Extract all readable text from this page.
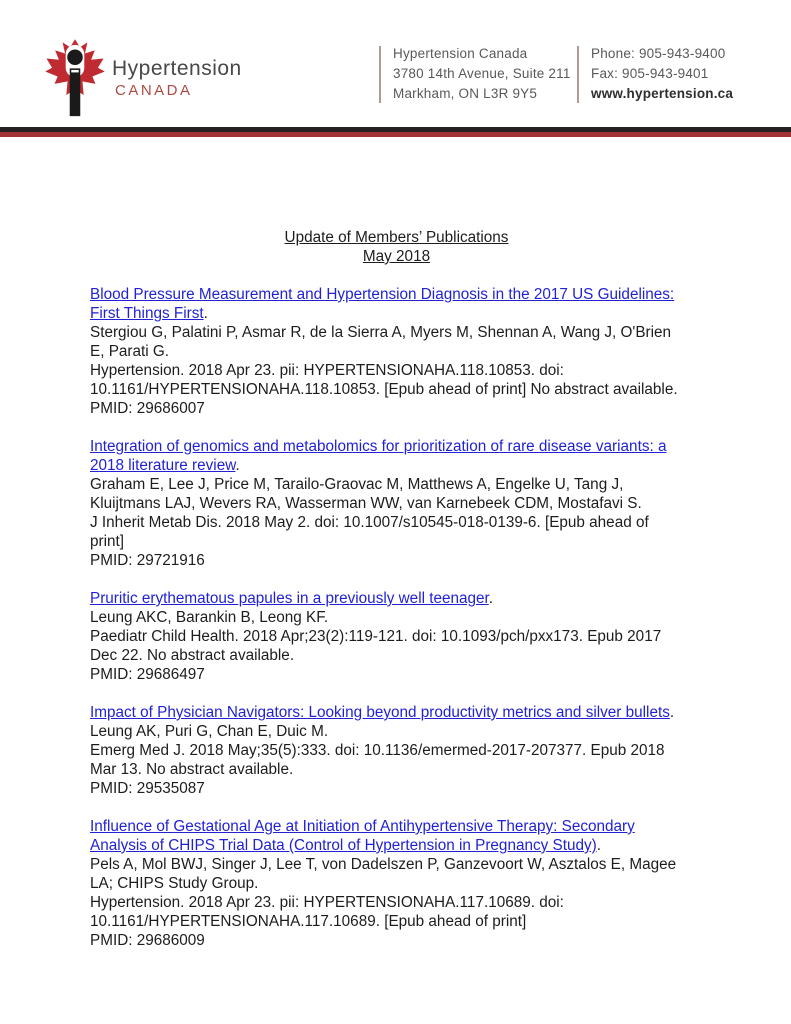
Hypertension
CANADA
Hypertension Canada
3780 14th Avenue, Suite 211
Markham, ON L3R 9Y5
Phone: 905-943-9400
Fax: 905-943-9401
www.hypertension.ca
Update of Members’ Publications
May 2018
Blood Pressure Measurement and Hypertension Diagnosis in the 2017 US Guidelines:
First Things First.
Stergiou G, Palatini P, Asmar R, de la Sierra A, Myers M, Shennan A, Wang J, O'Brien
E, Parati G.
Hypertension. 2018 Apr 23. pii: HYPERTENSIONAHA.118.10853. doi:
10.1161/HYPERTENSIONAHA.118.10853. [Epub ahead of print] No abstract available.
PMID: 29686007
Integration of genomics and metabolomics for prioritization of rare disease variants: a
2018 literature review.
Graham E, Lee J, Price M, Tarailo-Graovac M, Matthews A, Engelke U, Tang J,
Kluijtmans LAJ, Wevers RA, Wasserman WW, van Karnebeek CDM, Mostafavi S.
J Inherit Metab Dis. 2018 May 2. doi: 10.1007/s10545-018-0139-6. [Epub ahead of
print]
PMID: 29721916
Pruritic erythematous papules in a previously well teenager.
Leung AKC, Barankin B, Leong KF.
Paediatr Child Health. 2018 Apr;23(2):119-121. doi: 10.1093/pch/pxx173. Epub 2017
Dec 22. No abstract available.
PMID: 29686497
Impact of Physician Navigators: Looking beyond productivity metrics and silver bullets.
Leung AK, Puri G, Chan E, Duic M.
Emerg Med J. 2018 May;35(5):333. doi: 10.1136/emermed-2017-207377. Epub 2018
Mar 13. No abstract available.
PMID: 29535087
Influence of Gestational Age at Initiation of Antihypertensive Therapy: Secondary
Analysis of CHIPS Trial Data (Control of Hypertension in Pregnancy Study).
Pels A, Mol BWJ, Singer J, Lee T, von Dadelszen P, Ganzevoort W, Asztalos E, Magee
LA; CHIPS Study Group.
Hypertension. 2018 Apr 23. pii: HYPERTENSIONAHA.117.10689. doi:
10.1161/HYPERTENSIONAHA.117.10689. [Epub ahead of print]
PMID: 29686009
